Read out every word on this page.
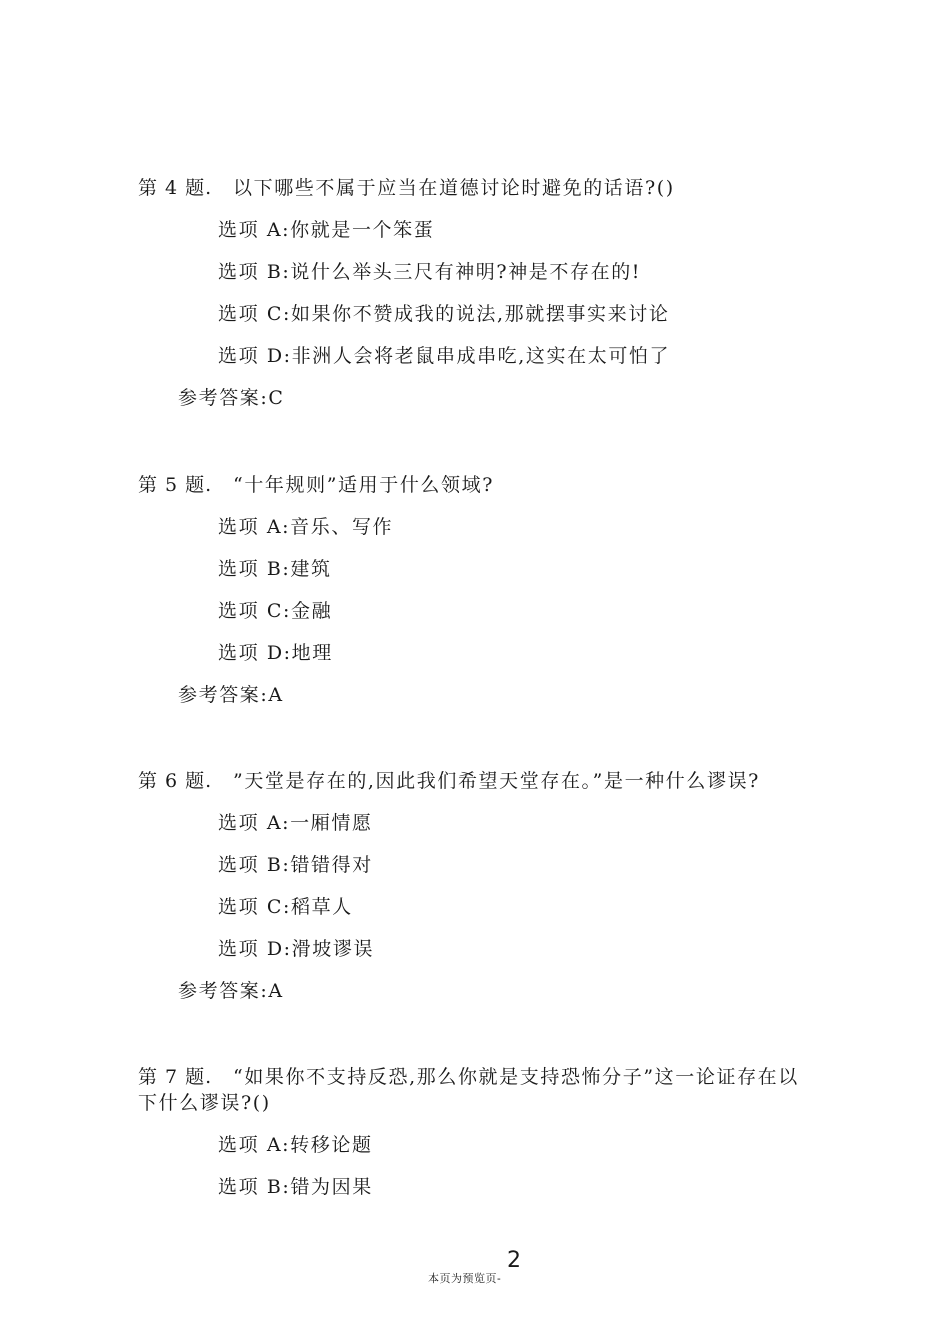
第 4 题. 以下哪些不属于应当在道德讨论时避免的话语?()
选项 A:你就是一个笨蛋
选项 B:说什么举头三尺有神明?神是不存在的!
选项 C:如果你不赞成我的说法,那就摆事实来讨论
选项 D:非洲人会将老鼠串成串吃,这实在太可怕了
参考答案:C
第 5 题. “十年规则”适用于什么领域?
选项 A:音乐、写作
选项 B:建筑
选项 C:金融
选项 D:地理
参考答案:A
第 6 题. ”天堂是存在的,因此我们希望天堂存在。”是一种什么谬误?
选项 A:一厢情愿
选项 B:错错得对
选项 C:稻草人
选项 D:滑坡谬误
参考答案:A
第 7 题. “如果你不支持反恐,那么你就是支持恐怖分子”这一论证存在以下什么谬误?()
选项 A:转移论题
选项 B:错为因果
2
本页为预览页-
